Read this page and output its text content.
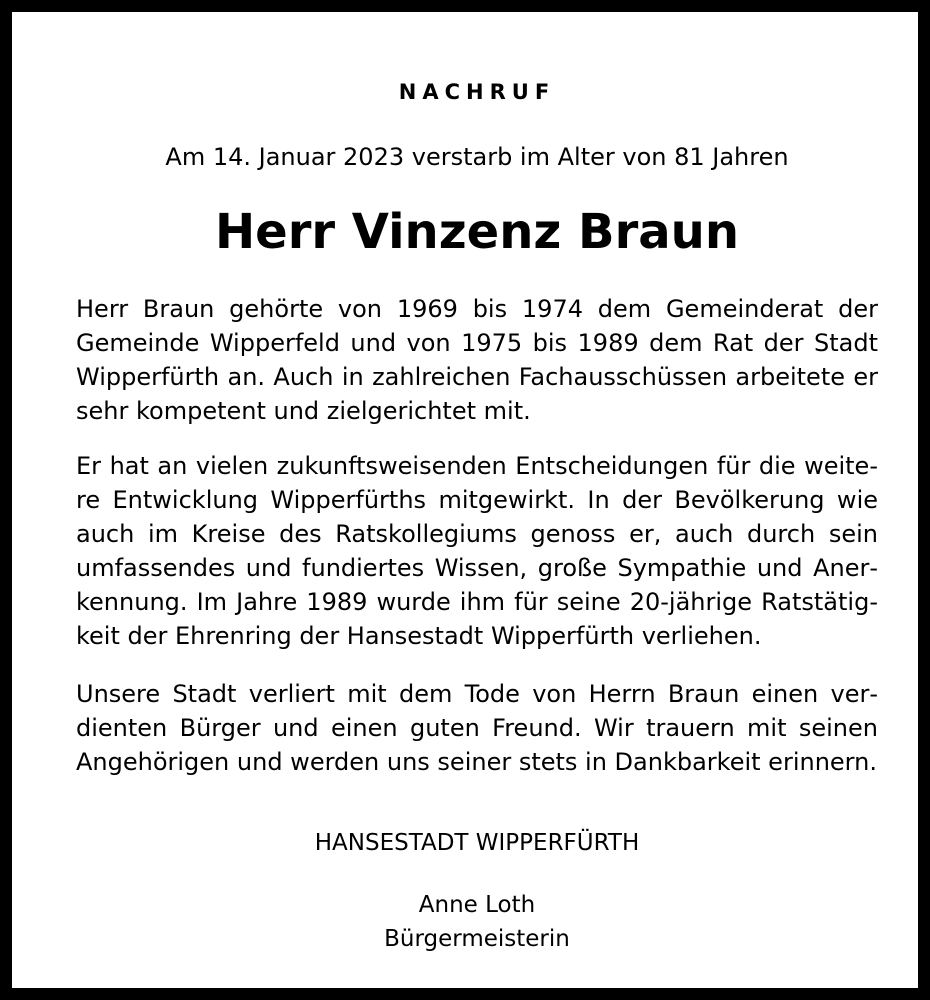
NACHRUF
Am 14. Januar 2023 verstarb im Alter von 81 Jahren
Herr Vinzenz Braun

Herr Braun gehörte von 1969 bis 1974 dem Gemeinderat der Gemeinde Wipperfeld und von 1975 bis 1989 dem Rat der Stadt Wipperfürth an. Auch in zahlreichen Fachausschüssen arbeitete er sehr kompetent und zielgerichtet mit.

Er hat an vielen zukunftsweisenden Entscheidungen für die weitere Entwicklung Wipperfürths mitgewirkt. In der Bevölkerung wie auch im Kreise des Ratskollegiums genoss er, auch durch sein umfassendes und fundiertes Wissen, große Sympathie und Anerkennung. Im Jahre 1989 wurde ihm für seine 20-jährige Ratstätigkeit der Ehrenring der Hansestadt Wipperfürth verliehen.

Unsere Stadt verliert mit dem Tode von Herrn Braun einen verdienten Bürger und einen guten Freund. Wir trauern mit seinen Angehörigen und werden uns seiner stets in Dankbarkeit erinnern.

HANSESTADT WIPPERFÜRTH
Anne Loth
Bürgermeisterin
